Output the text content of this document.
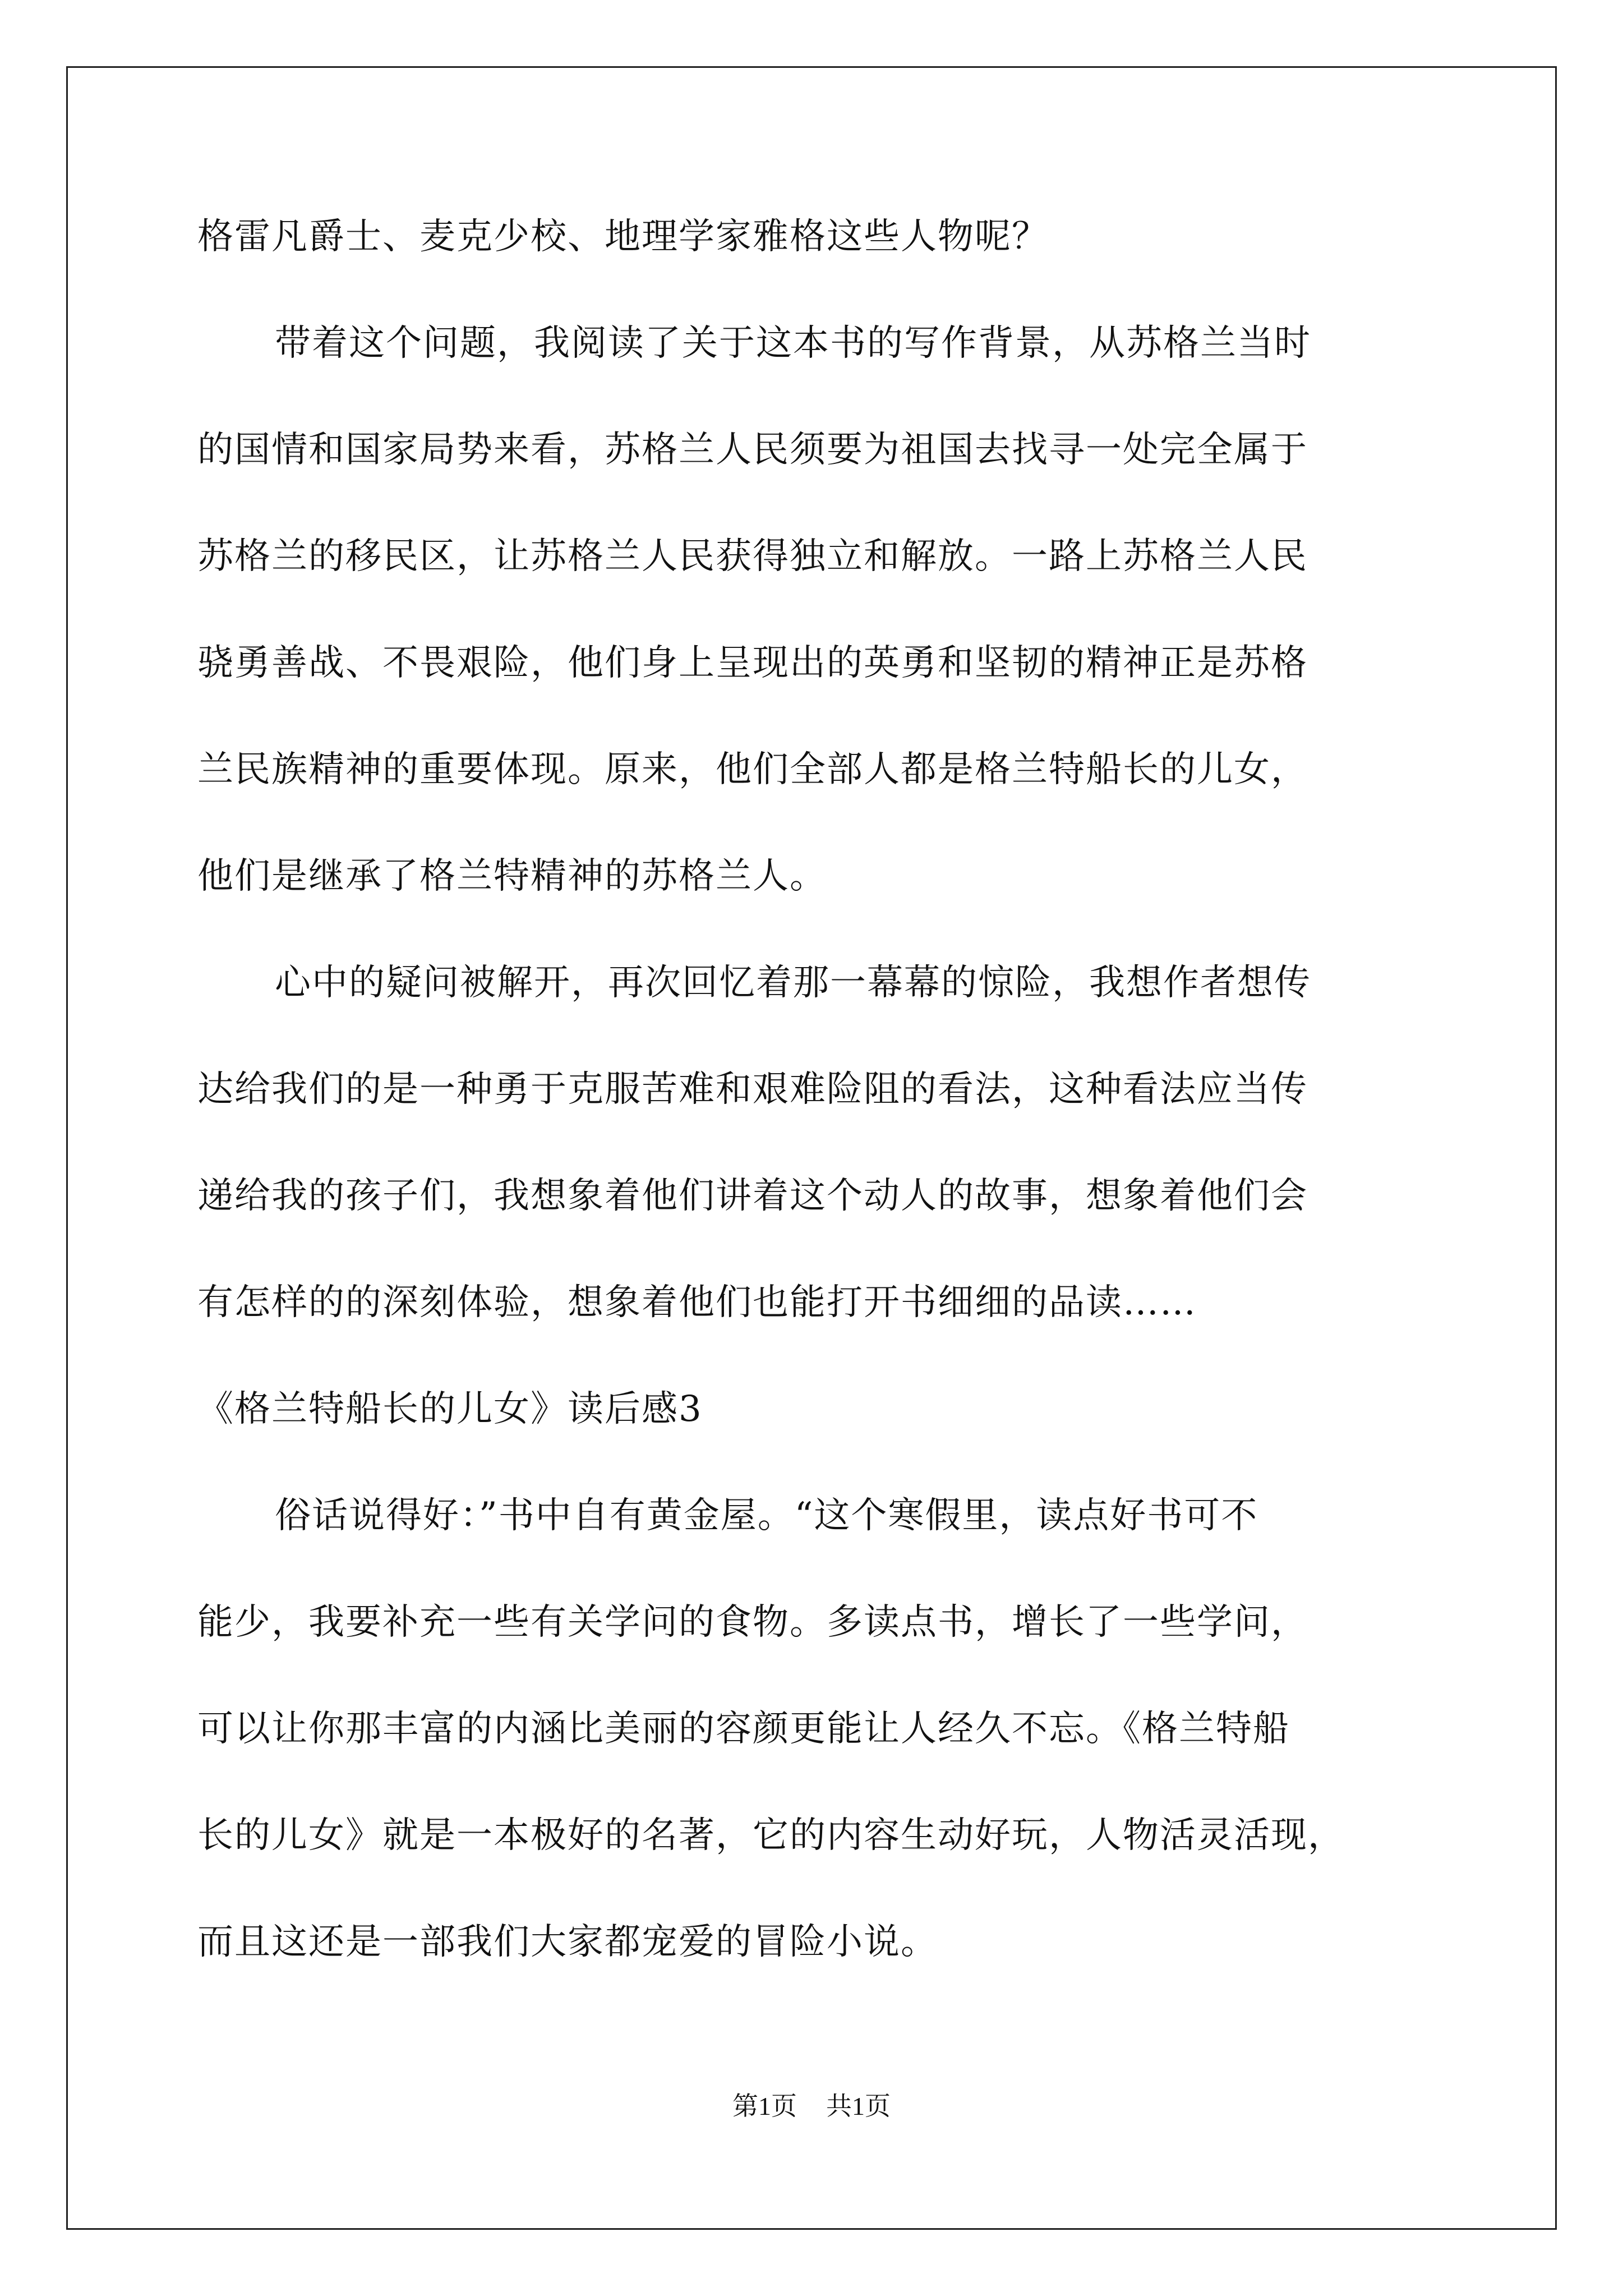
格雷凡爵士、麦克少校、地理学家雅格这些人物呢？
带着这个问题，我阅读了关于这本书的写作背景，从苏格兰当时
的国情和国家局势来看，苏格兰人民须要为祖国去找寻一处完全属于
苏格兰的移民区，让苏格兰人民获得独立和解放。一路上苏格兰人民
骁勇善战、不畏艰险，他们身上呈现出的英勇和坚韧的精神正是苏格
兰民族精神的重要体现。原来，他们全部人都是格兰特船长的儿女，
他们是继承了格兰特精神的苏格兰人。
心中的疑问被解开，再次回忆着那一幕幕的惊险，我想作者想传
达给我们的是一种勇于克服苦难和艰难险阻的看法，这种看法应当传
递给我的孩子们，我想象着他们讲着这个动人的故事，想象着他们会
有怎样的的深刻体验，想象着他们也能打开书细细的品读……
《格兰特船长的儿女》读后感3
俗话说得好：”书中自有黄金屋。“这个寒假里，读点好书可不
能少，我要补充一些有关学问的食物。多读点书，增长了一些学问，
可以让你那丰富的内涵比美丽的容颜更能让人经久不忘。《格兰特船
长的儿女》就是一本极好的名著，它的内容生动好玩，人物活灵活现，
而且这还是一部我们大家都宠爱的冒险小说。
第1页 共1页
